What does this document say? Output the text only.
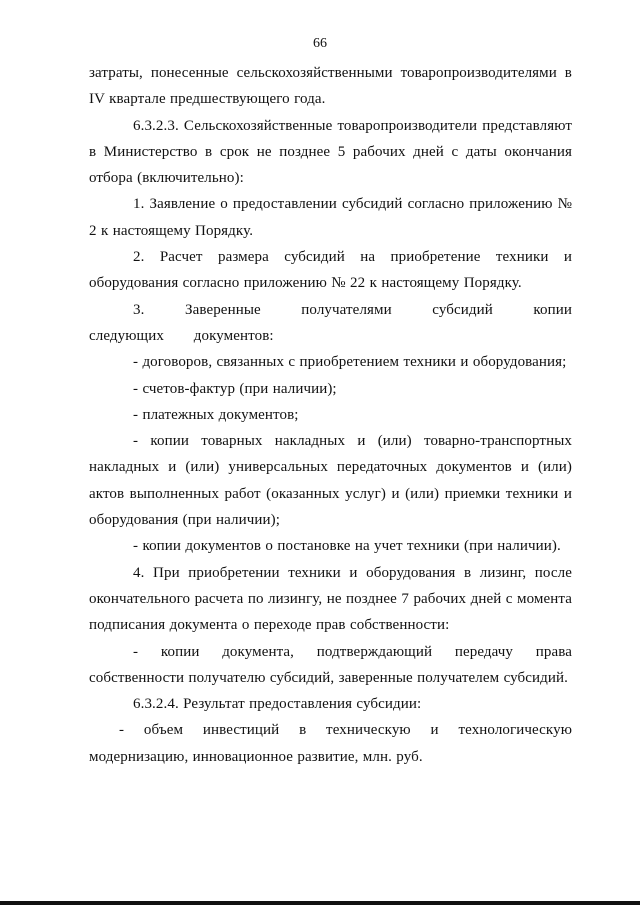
66

затраты, понесенные сельскохозяйственными товаропроизводителями в IV квартале предшествующего года.

6.3.2.3. Сельскохозяйственные товаропроизводители представляют в Министерство в срок не позднее 5 рабочих дней с даты окончания отбора (включительно):

1. Заявление о предоставлении субсидий согласно приложению № 2 к настоящему Порядку.

2. Расчет размера субсидий на приобретение техники и оборудования согласно приложению № 22 к настоящему Порядку.

3. Заверенные получателями субсидий копии следующих документов:

- договоров, связанных с приобретением техники и оборудования;

- счетов-фактур (при наличии);

- платежных документов;

- копии товарных накладных и (или) товарно-транспортных накладных и (или) универсальных передаточных документов и (или) актов выполненных работ (оказанных услуг) и (или) приемки техники и оборудования (при наличии);

- копии документов о постановке на учет техники (при наличии).

4. При приобретении техники и оборудования в лизинг, после окончательного расчета по лизингу, не позднее 7 рабочих дней с момента подписания документа о переходе прав собственности:

- копии документа, подтверждающий передачу права собственности получателю субсидий, заверенные получателем субсидий.

6.3.2.4. Результат предоставления субсидии:

- объем инвестиций в техническую и технологическую модернизацию, инновационное развитие, млн. руб.
